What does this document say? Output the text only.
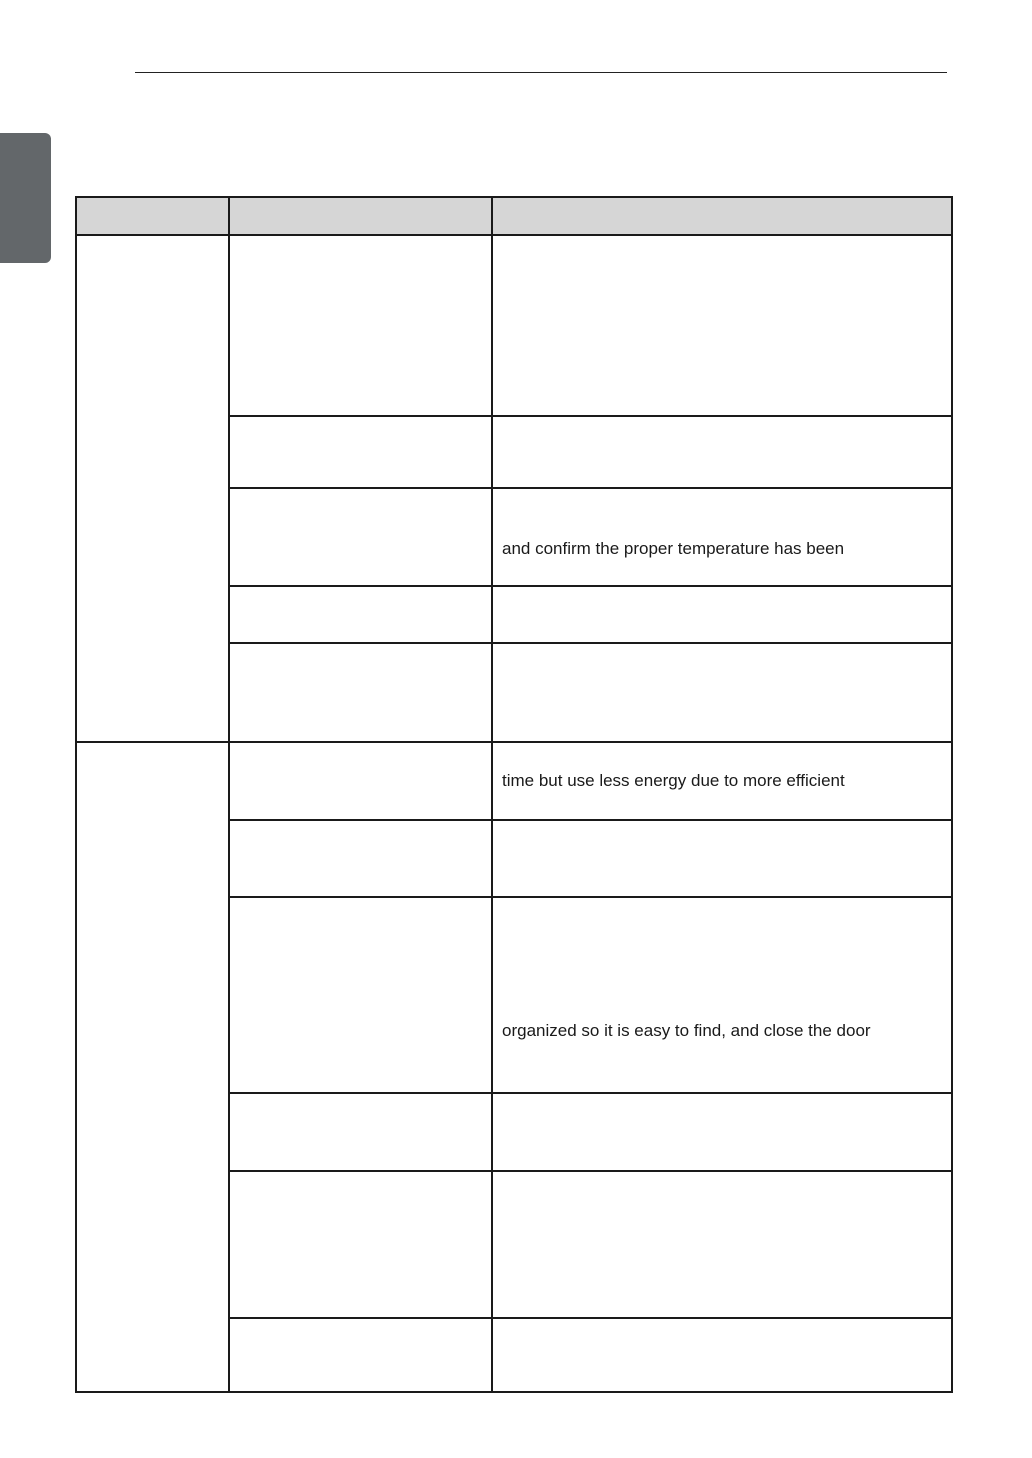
		and confirm the proper temperature has been

		time but use less energy due to more efficient

		organized so it is easy to find, and close the door
